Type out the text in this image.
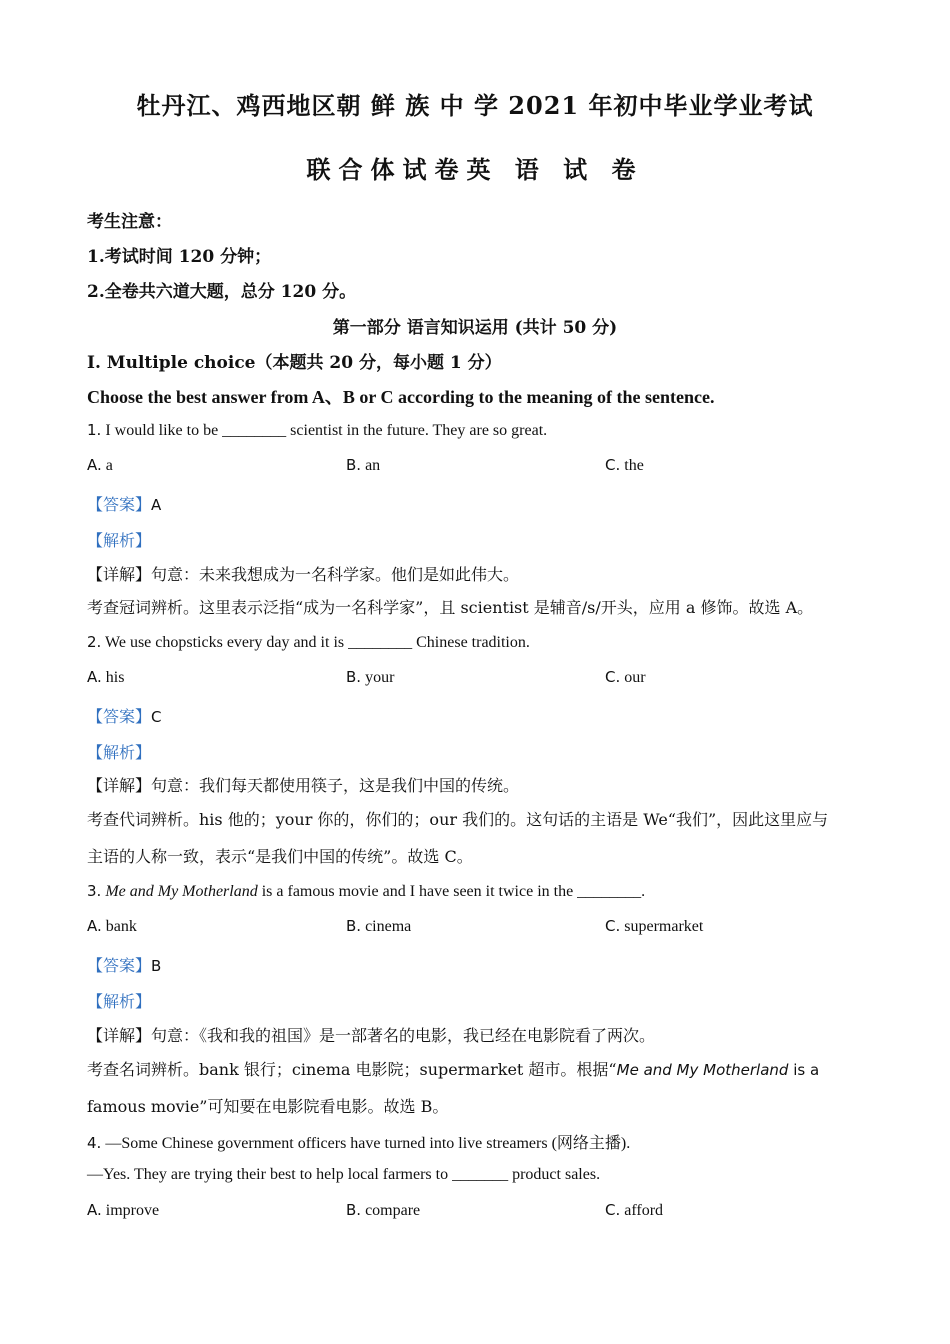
牡丹江、鸡西地区朝 鲜 族 中 学 2021 年初中毕业学业考试
联合体试卷英 语 试 卷
考生注意：
1.考试时间 120 分钟；
2.全卷共六道大题，总分 120 分。
第一部分 语言知识运用 (共计 50 分)
I. Multiple choice（本题共 20 分，每小题 1 分）
Choose the best answer from A、B or C according to the meaning of the sentence.
1. I would like to be ________ scientist in the future. They are so great.
A. a	B. an	C. the
【答案】A
【解析】
【详解】句意：未来我想成为一名科学家。他们是如此伟大。
考查冠词辨析。这里表示泛指“成为一名科学家”，且 scientist 是辅音/s/开头，应用 a 修饰。故选 A。
2. We use chopsticks every day and it is ________ Chinese tradition.
A. his	B. your	C. our
【答案】C
【解析】
【详解】句意：我们每天都使用筷子，这是我们中国的传统。
考查代词辨析。his 他的；your 你的，你们的；our 我们的。这句话的主语是 We“我们”，因此这里应与
主语的人称一致，表示“是我们中国的传统”。故选 C。
3. Me and My Motherland is a famous movie and I have seen it twice in the ________.
A. bank	B. cinema	C. supermarket
【答案】B
【解析】
【详解】句意：《我和我的祖国》是一部著名的电影，我已经在电影院看了两次。
考查名词辨析。bank 银行；cinema 电影院；supermarket 超市。根据“Me and My Motherland is a
famous movie”可知要在电影院看电影。故选 B。
4. —Some Chinese government officers have turned into live streamers (网络主播).
—Yes. They are trying their best to help local farmers to _______ product sales.
A. improve	B. compare	C. afford
